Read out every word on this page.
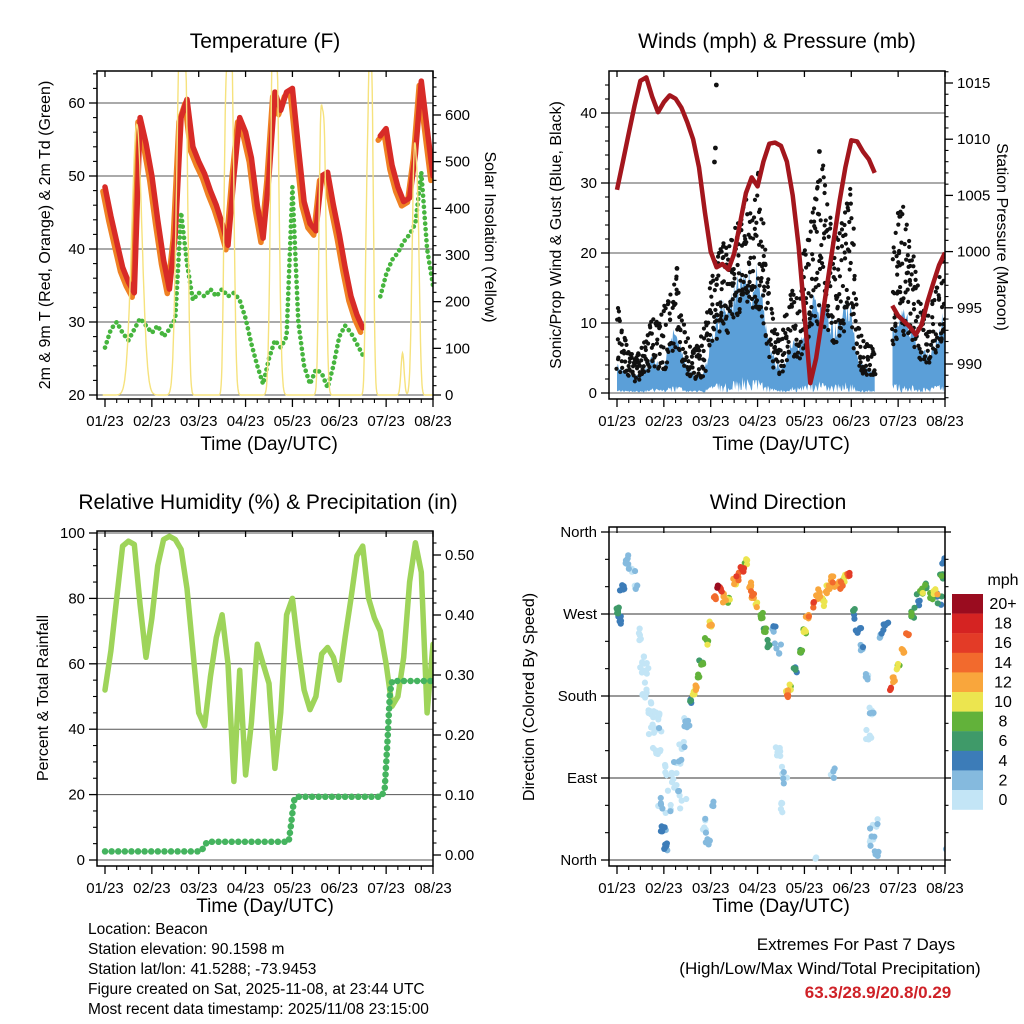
20
30
40
50
60
0
100
200
300
400
500
600
01/23 02/23 03/23 04/23 05/23 06/23 07/23 08/23
0
10
20
30
40
990
995
1000
1005
1010
1015
01/23 02/23 03/23 04/23 05/23 06/23 07/23 08/23
0
20
40
60
80
100
0.00
0.10
0.20
0.30
0.40
0.50
01/23 02/23 03/23 04/23 05/23 06/23 07/23 08/23
North
West
South
East
North
01/23 02/23 03/23 04/23 05/23 06/23 07/23 08/23
20+
18
16
14
12
10
8
6
4
2
0
Temperature (F)	Winds (mph) & Pressure (mb)
Relative Humidity (%) & Precipitation (in)	Wind Direction
Time (Day/UTC)	Time (Day/UTC)
Time (Day/UTC)	Time (Day/UTC)
2m & 9m T (Red, Orange) & 2m Td (Green)	Solar Insolation (Yellow)	Sonic/Prop Wind & Gust (Blue, Black)	Station Pressure (Maroon)
Percent & Total Rainfall	Direction (Colored By Speed)
mph
Location: Beacon
Station elevation: 90.1598 m
Station lat/lon: 41.5288; -73.9453
Figure created on Sat, 2025-11-08, at 23:44 UTC
Most recent data timestamp: 2025/11/08 23:15:00
Extremes For Past 7 Days
(High/Low/Max Wind/Total Precipitation)
63.3/28.9/20.8/0.29
